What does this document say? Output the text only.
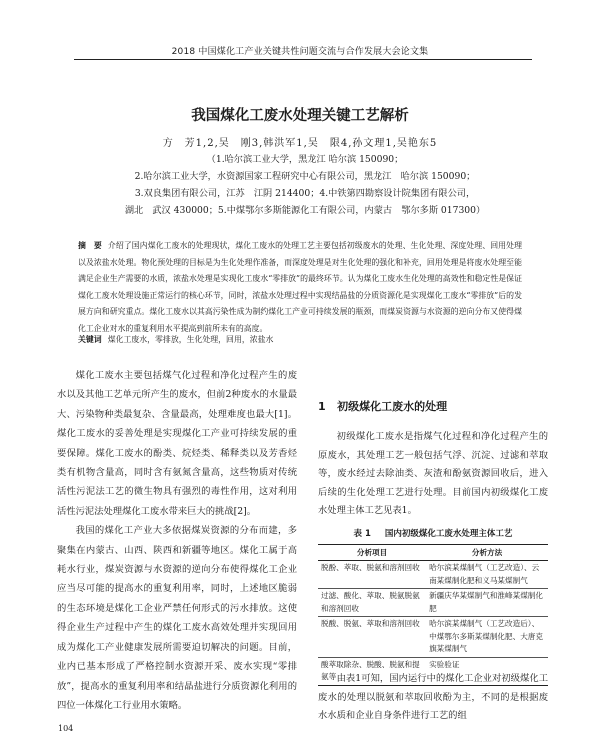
2018 中国煤化工产业关键共性问题交流与合作发展大会论文集
我国煤化工废水处理关键工艺解析
方　芳1,2,吴　刚3,韩洪军1,吴　限4,孙文理1,吴艳东5
（1.哈尔滨工业大学，黑龙江 哈尔滨 150090；
2.哈尔滨工业大学，水资源国家工程研究中心有限公司，黑龙江　哈尔滨 150090；
3.双良集团有限公司，江苏　江阴 214400；4.中铁第四勘察设计院集团有限公司，
湖北　武汉 430000；5.中煤鄂尔多斯能源化工有限公司，内蒙古　鄂尔多斯 017300）
摘　要 介绍了国内煤化工废水的处理现状，煤化工废水的处理工艺主要包括初级废水的处理、生化处理、深度处理、回用处理以及浓盐水处理。物化预处理的目标是为生化处理作准备，而深度处理是对生化处理的强化和补充，回用处理是将废水处理至能满足企业生产需要的水质，浓盐水处理是实现化工废水“零排放”的最终环节。认为煤化工废水生化处理的高效性和稳定性是保证煤化工废水处理设施正常运行的核心环节，同时，浓盐水处理过程中实现结晶盐的分质资源化是实现煤化工废水“零排放”后的发展方向和研究重点。煤化工废水以其高污染性成为制约煤化工产业可持续发展的瓶颈，而煤炭资源与水资源的逆向分布又使得煤化工企业对水的重复利用水平提高到前所未有的高度。
关键词 煤化工废水，零排放，生化处理，回用，浓盐水

煤化工废水主要包括煤气化过程和净化过程产生的废水以及其他工艺单元所产生的废水，但前2种废水的水量最大、污染物种类最复杂、含量最高，处理难度也最大[1]。煤化工废水的妥善处理是实现煤化工产业可持续发展的重要保障。煤化工废水的酚类、烷烃类、稀释类以及芳香烃类有机物含量高，同时含有氨氮含量高，这些物质对传统活性污泥法工艺的微生物具有强烈的毒性作用，这对利用活性污泥法处理煤化工废水带来巨大的挑战[2]。

我国的煤化工产业大多依据煤炭资源的分布而建，多聚集在内蒙古、山西、陕西和新疆等地区。煤化工属于高耗水行业，煤炭资源与水资源的逆向分布使得煤化工企业应当尽可能的提高水的重复利用率，同时，上述地区脆弱的生态环境是煤化工企业严禁任何形式的污水排放。这使得企业生产过程中产生的煤化工废水高效处理并实现回用成为煤化工产业健康发展所需要迫切解决的问题。目前，业内已基本形成了严格控制水资源开采、废水实现“零排放”，提高水的重复利用率和结晶盐进行分质资源化利用的四位一体煤化工行业用水策略。

1 初级煤化工废水的处理

初级煤化工废水是指煤气化过程和净化过程产生的原废水，其处理工艺一般包括气浮、沉淀、过滤和萃取等，废水经过去除油类、灰渣和酚氨资源回收后，进入后续的生化处理工艺进行处理。目前国内初级煤化工废水处理主体工艺见表1。

表 1 国内初级煤化工废水处理主体工艺
分析项目	分析方法
脱酚、萃取、脱氨和溶剂回收	哈尔滨某煤制气（工艺改造）、云南某煤制化肥和义马某煤制气
过滤、酸化、萃取、脱氨脱氨和溶剂回收	新疆庆华某煤制气和淮峰某煤制化肥
脱酸、脱氨、萃取和溶剂回收	哈尔滨某煤制气（工艺改造后）、中煤鄂尔多斯某煤制化肥、大唐克旗某煤制气
酸萃取除杂、脱酸、脱氨和提氨等	实验验证

由表1可知，国内运行中的煤化工企业对初级煤化工废水的处理以脱氨和萃取回收酚为主，不同的是根据废水水质和企业自身条件进行工艺的组

104
